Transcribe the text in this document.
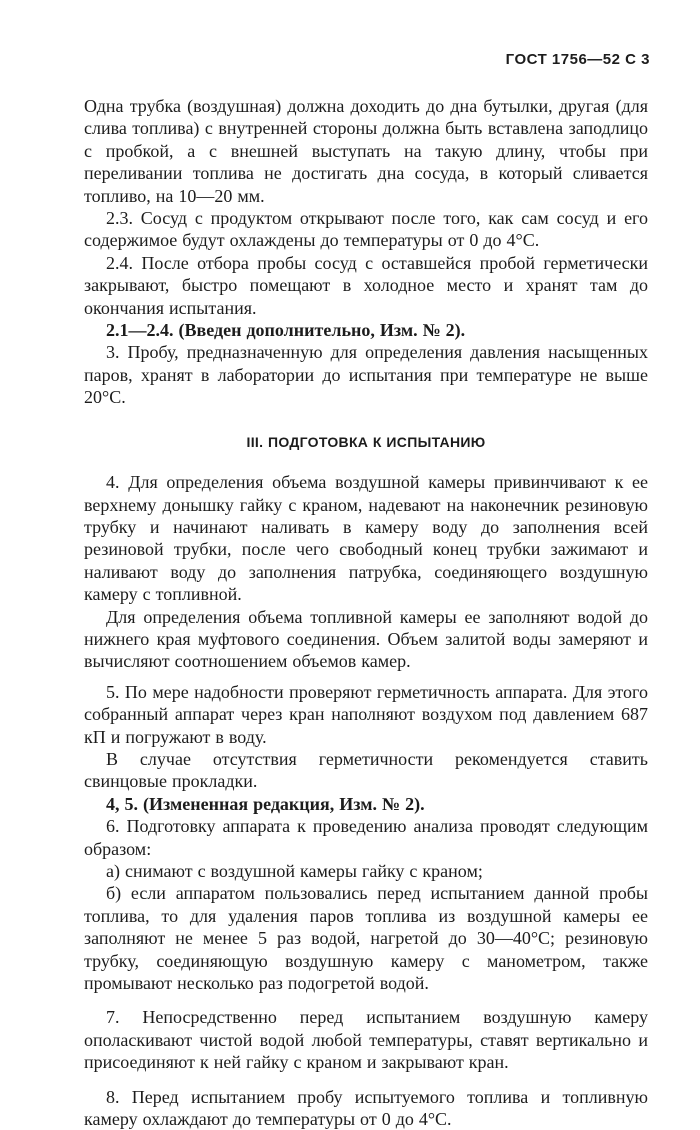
ГОСТ 1756—52 С 3

Одна трубка (воздушная) должна доходить до дна бутылки, другая (для слива топлива) с внутренней стороны должна быть вставлена заподлицо с пробкой, а с внешней выступать на такую длину, чтобы при переливании топлива не достигать дна сосуда, в который сливается топливо, на 10—20 мм.

2.3. Сосуд с продуктом открывают после того, как сам сосуд и его содержимое будут охлаждены до температуры от 0 до 4°С.

2.4. После отбора пробы сосуд с оставшейся пробой герметически закрывают, быстро помещают в холодное место и хранят там до окончания испытания.

2.1—2.4. (Введен дополнительно, Изм. № 2).

3. Пробу, предназначенную для определения давления насыщенных паров, хранят в лаборатории до испытания при температуре не выше 20°С.

III. ПОДГОТОВКА К ИСПЫТАНИЮ

4. Для определения объема воздушной камеры привинчивают к ее верхнему донышку гайку с краном, надевают на наконечник резиновую трубку и начинают наливать в камеру воду до заполнения всей резиновой трубки, после чего свободный конец трубки зажимают и наливают воду до заполнения патрубка, соединяющего воздушную камеру с топливной.

Для определения объема топливной камеры ее заполняют водой до нижнего края муфтового соединения. Объем залитой воды замеряют и вычисляют соотношением объемов камер.

5. По мере надобности проверяют герметичность аппарата. Для этого собранный аппарат через кран наполняют воздухом под давлением 687 кП и погружают в воду.

В случае отсутствия герметичности рекомендуется ставить свинцовые прокладки.

4, 5. (Измененная редакция, Изм. № 2).

6. Подготовку аппарата к проведению анализа проводят следующим образом:

а) снимают с воздушной камеры гайку с краном;

б) если аппаратом пользовались перед испытанием данной пробы топлива, то для удаления паров топлива из воздушной камеры ее заполняют не менее 5 раз водой, нагретой до 30—40°С; резиновую трубку, соединяющую воздушную камеру с манометром, также промывают несколько раз подогретой водой.

7. Непосредственно перед испытанием воздушную камеру ополаскивают чистой водой любой температуры, ставят вертикально и присоединяют к ней гайку с краном и закрывают кран.

8. Перед испытанием пробу испытуемого топлива и топливную камеру охлаждают до температуры от 0 до 4°С.
